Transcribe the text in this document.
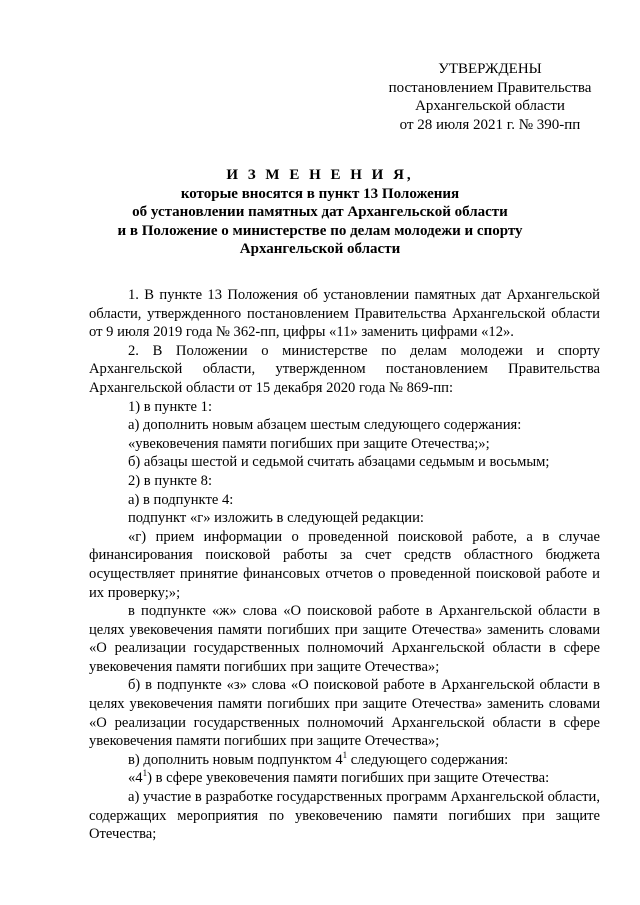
УТВЕРЖДЕНЫ
постановлением Правительства
Архангельской области
от 28 июля 2021 г. № 390-пп
И З М Е Н Е Н И Я,
которые вносятся в пункт 13 Положения
об установлении памятных дат Архангельской области
и в Положение о министерстве по делам молодежи и спорту
Архангельской области

1. В пункте 13 Положения об установлении памятных дат Архангельской области, утвержденного постановлением Правительства Архангельской области от 9 июля 2019 года № 362-пп, цифры «11» заменить цифрами «12».

2. В Положении о министерстве по делам молодежи и спорту Архангельской области, утвержденном постановлением Правительства Архангельской области от 15 декабря 2020 года № 869-пп:

1) в пункте 1:

а) дополнить новым абзацем шестым следующего содержания:

«увековечения памяти погибших при защите Отечества;»;

б) абзацы шестой и седьмой считать абзацами седьмым и восьмым;

2) в пункте 8:

а) в подпункте 4:

подпункт «г» изложить в следующей редакции:

«г) прием информации о проведенной поисковой работе, а в случае финансирования поисковой работы за счет средств областного бюджета осуществляет принятие финансовых отчетов о проведенной поисковой работе и их проверку;»;

в подпункте «ж» слова «О поисковой работе в Архангельской области в целях увековечения памяти погибших при защите Отечества» заменить словами «О реализации государственных полномочий Архангельской области в сфере увековечения памяти погибших при защите Отечества»;

б) в подпункте «з» слова «О поисковой работе в Архангельской области в целях увековечения памяти погибших при защите Отечества» заменить словами «О реализации государственных полномочий Архангельской области в сфере увековечения памяти погибших при защите Отечества»;

в) дополнить новым подпунктом $4^1$ следующего содержания:

«$4^1$) в сфере увековечения памяти погибших при защите Отечества:

а) участие в разработке государственных программ Архангельской области, содержащих мероприятия по увековечению памяти погибших при защите Отечества;
